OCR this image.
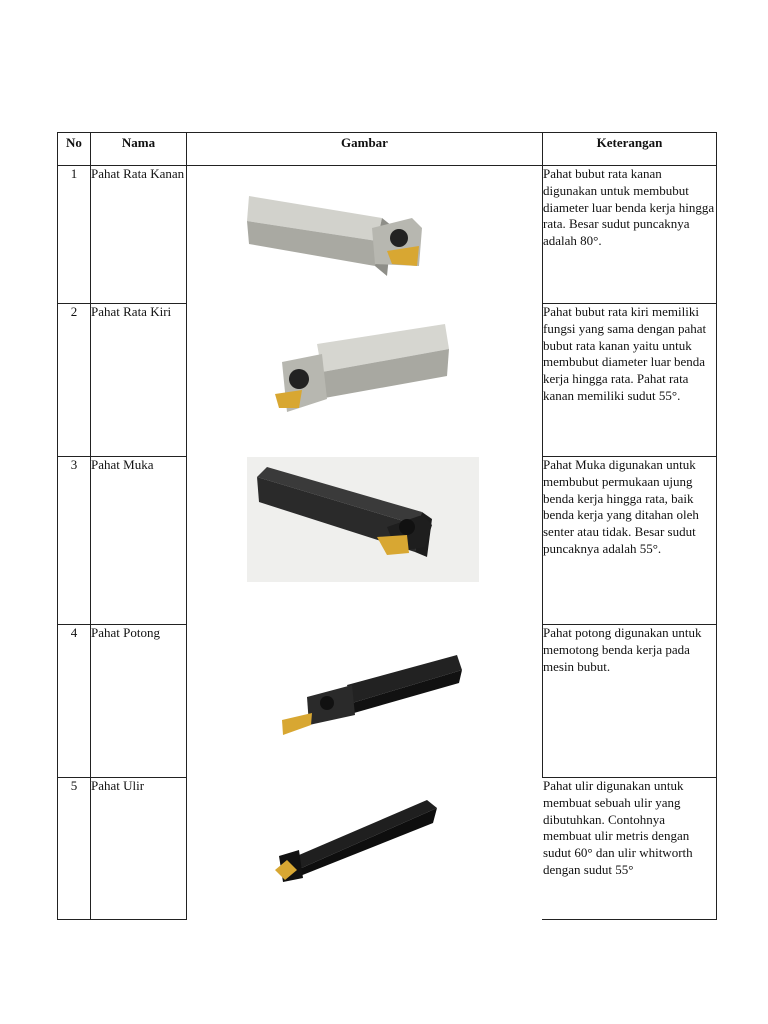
No	Nama	Gambar	Keterangan
1	Pahat Rata Kanan		Pahat bubut rata kanan digunakan untuk membubut diameter luar benda kerja hingga rata. Besar sudut puncaknya adalah 80°.
2	Pahat Rata Kiri		Pahat bubut rata kiri memiliki fungsi yang sama dengan pahat bubut rata kanan yaitu untuk membubut diameter luar benda kerja hingga rata. Pahat rata kanan memiliki sudut 55°.
3	Pahat Muka		Pahat Muka digunakan untuk membubut permukaan ujung benda kerja hingga rata, baik benda kerja yang ditahan oleh senter atau tidak. Besar sudut puncaknya adalah 55°.
4	Pahat Potong		Pahat potong digunakan untuk memotong benda kerja pada mesin bubut.
5	Pahat Ulir		Pahat ulir digunakan untuk membuat sebuah ulir yang dibutuhkan. Contohnya membuat ulir metris dengan sudut 60° dan ulir whitworth dengan sudut 55°
